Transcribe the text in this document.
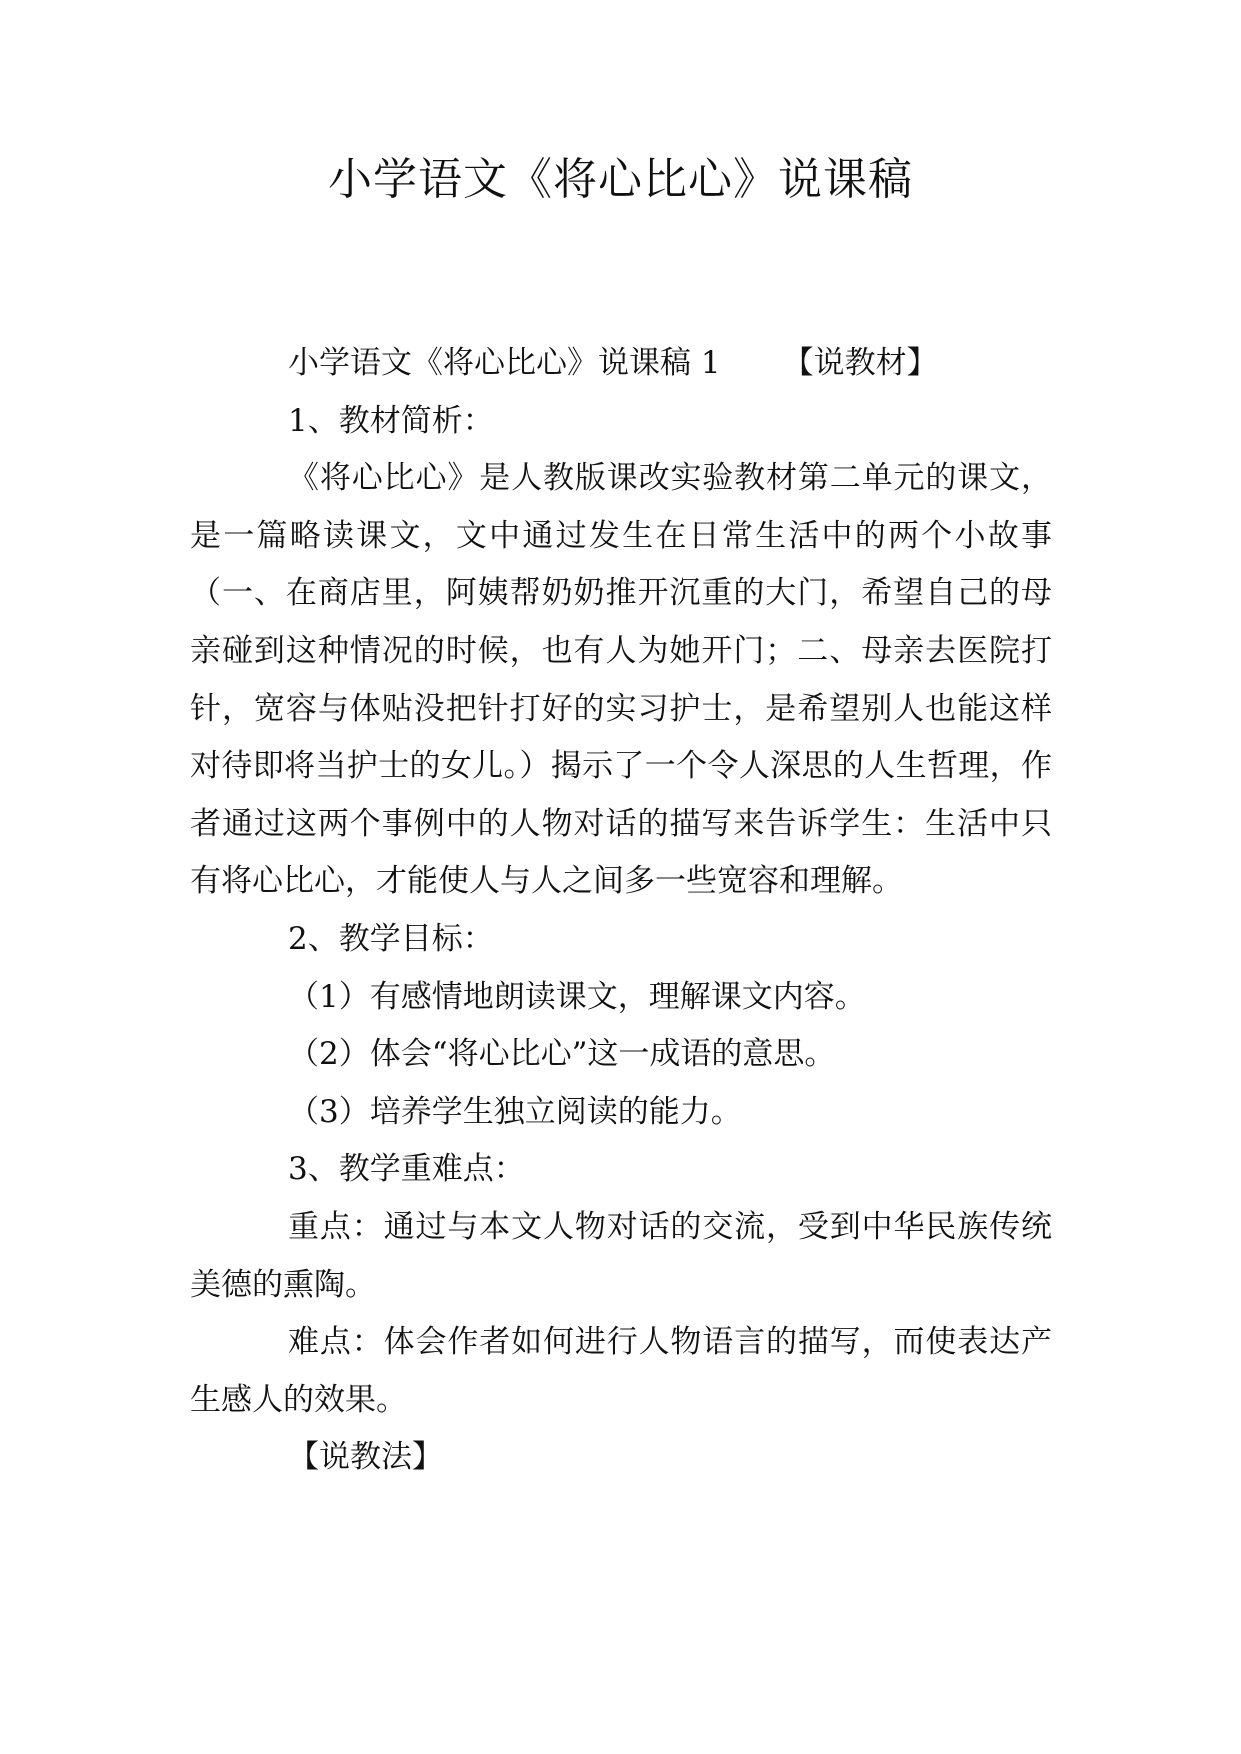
小学语文《将心比心》说课稿

小学语文《将心比心》说课稿 1 【说教材】

1、教材简析：

《将心比心》是人教版课改实验教材第二单元的课文，是一篇略读课文，文中通过发生在日常生活中的两个小故事（一、在商店里，阿姨帮奶奶推开沉重的大门，希望自己的母亲碰到这种情况的时候，也有人为她开门；二、母亲去医院打针，宽容与体贴没把针打好的实习护士，是希望别人也能这样对待即将当护士的女儿。）揭示了一个令人深思的人生哲理，作者通过这两个事例中的人物对话的描写来告诉学生：生活中只有将心比心，才能使人与人之间多一些宽容和理解。

2、教学目标：

（1）有感情地朗读课文，理解课文内容。

（2）体会“将心比心”这一成语的意思。

（3）培养学生独立阅读的能力。

3、教学重难点：

重点：通过与本文人物对话的交流，受到中华民族传统美德的熏陶。

难点：体会作者如何进行人物语言的描写，而使表达产生感人的效果。

【说教法】
